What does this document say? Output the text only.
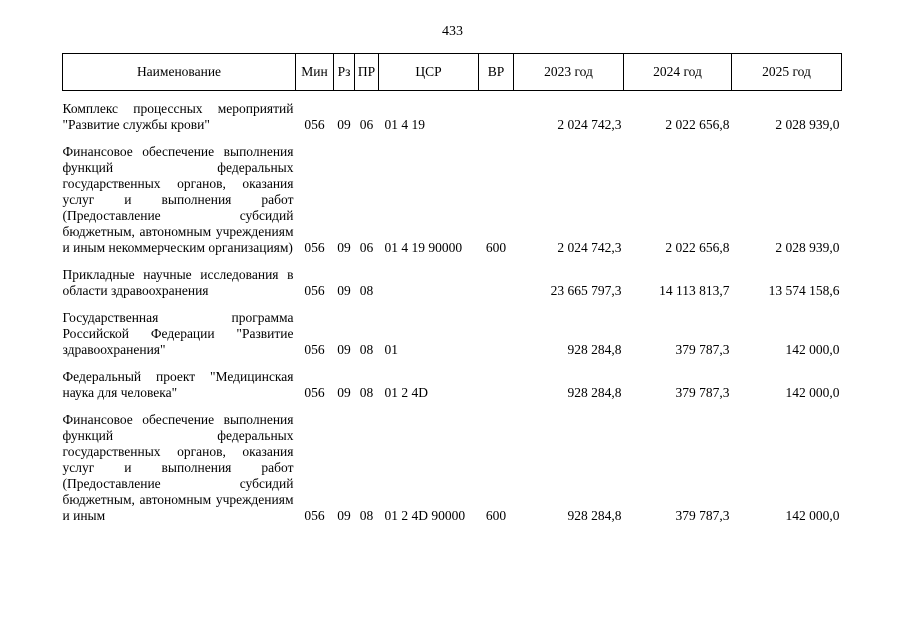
433
Наименование	Мин	Рз	ПР	ЦСР	ВР	2023 год	2024 год	2025 год
Комплекс процессных мероприятий "Развитие службы крови"	056	09	06	01 4 19		2 024 742,3	2 022 656,8	2 028 939,0
Финансовое обеспечение выполнения функций федеральных государственных органов, оказания услуг и выполнения работ (Предоставление субсидий бюджетным, автономным учреждениям и иным некоммерческим организациям)	056	09	06	01 4 19 90000	600	2 024 742,3	2 022 656,8	2 028 939,0
Прикладные научные исследования в области здравоохранения	056	09	08			23 665 797,3	14 113 813,7	13 574 158,6
Государственная программа Российской Федерации "Развитие здравоохранения"	056	09	08	01		928 284,8	379 787,3	142 000,0
Федеральный проект "Медицинская наука для человека"	056	09	08	01 2 4D		928 284,8	379 787,3	142 000,0
Финансовое обеспечение выполнения функций федеральных государственных органов, оказания услуг и выполнения работ (Предоставление субсидий бюджетным, автономным учреждениям и иным	056	09	08	01 2 4D 90000	600	928 284,8	379 787,3	142 000,0
